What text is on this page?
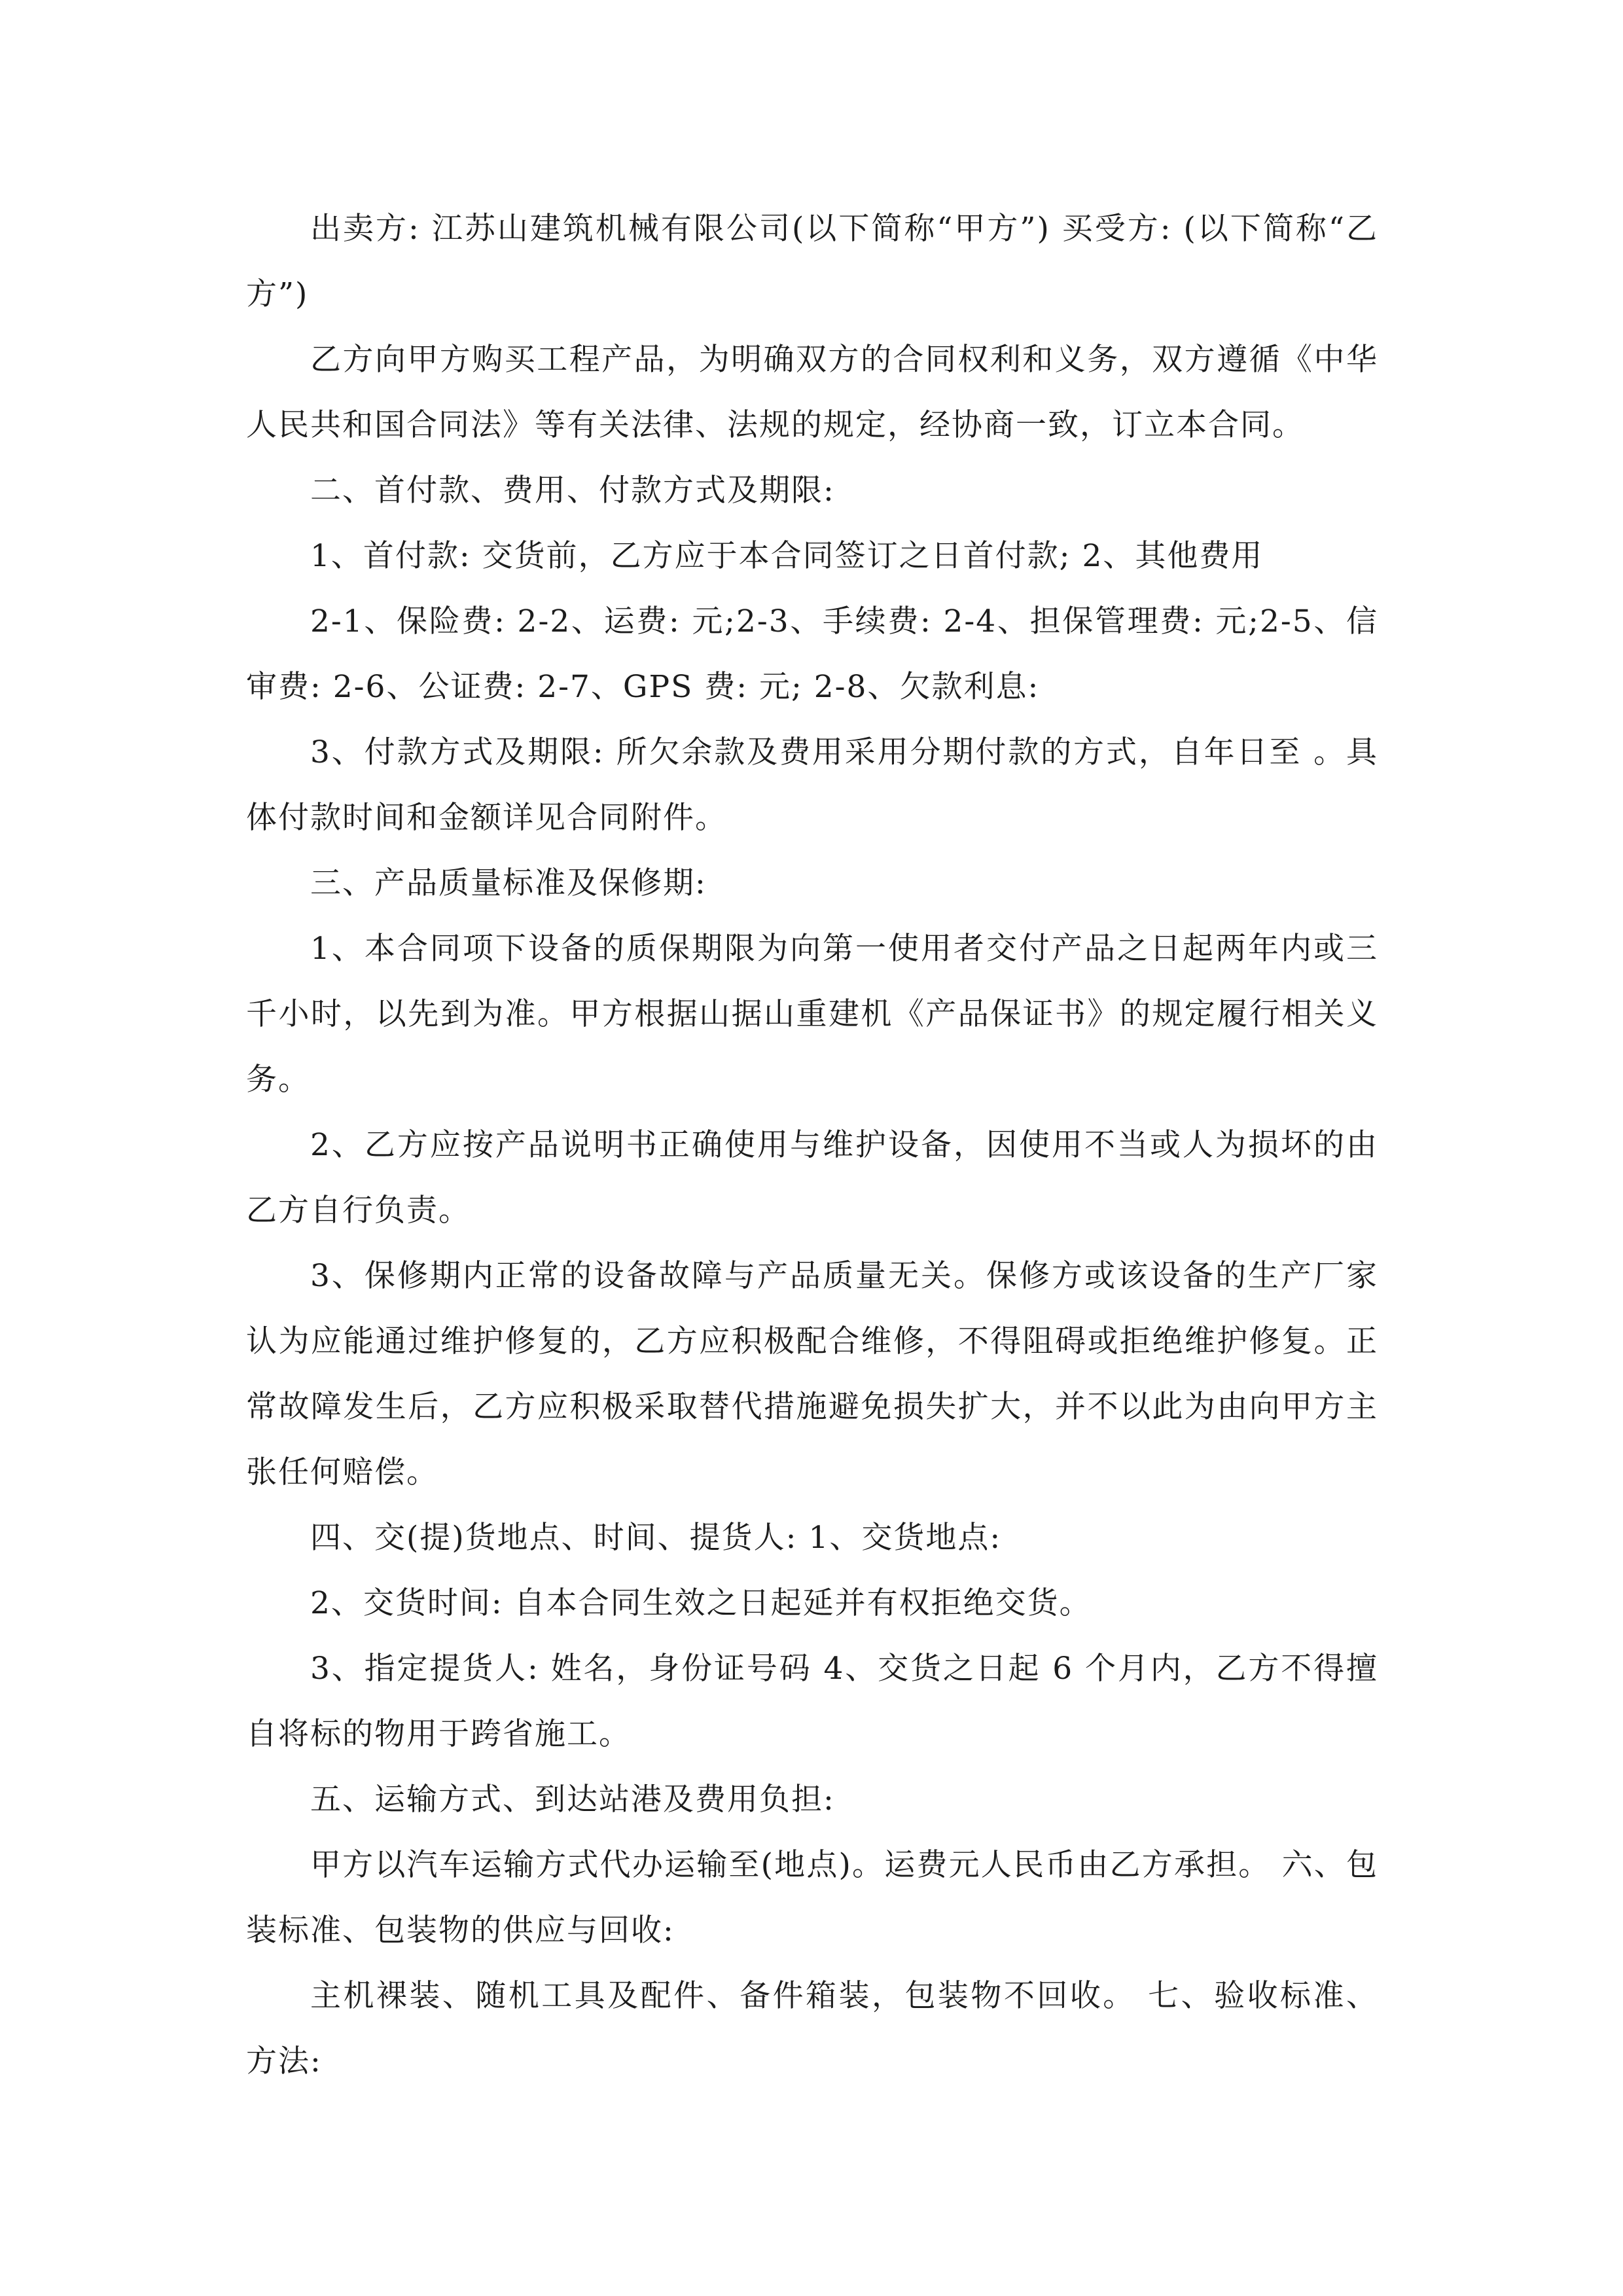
出卖方: 江苏山建筑机械有限公司(以下简称“甲方”) 买受方: (以下简称“乙方”)

乙方向甲方购买工程产品，为明确双方的合同权利和义务，双方遵循《中华人民共和国合同法》等有关法律、法规的规定，经协商一致，订立本合同。

二、首付款、费用、付款方式及期限:

1、首付款: 交货前，乙方应于本合同签订之日首付款; 2、其他费用

2-1、保险费: 2-2、运费: 元;2-3、手续费: 2-4、担保管理费: 元;2-5、信审费: 2-6、公证费: 2-7、GPS 费: 元; 2-8、欠款利息:

3、付款方式及期限: 所欠余款及费用采用分期付款的方式，自年日至 。具体付款时间和金额详见合同附件。

三、产品质量标准及保修期:

1、本合同项下设备的质保期限为向第一使用者交付产品之日起两年内或三千小时，以先到为准。甲方根据山据山重建机《产品保证书》的规定履行相关义务。

2、乙方应按产品说明书正确使用与维护设备，因使用不当或人为损坏的由乙方自行负责。

3、保修期内正常的设备故障与产品质量无关。保修方或该设备的生产厂家认为应能通过维护修复的，乙方应积极配合维修，不得阻碍或拒绝维护修复。正常故障发生后，乙方应积极采取替代措施避免损失扩大，并不以此为由向甲方主张任何赔偿。

四、交(提)货地点、时间、提货人: 1、交货地点:

2、交货时间: 自本合同生效之日起延并有权拒绝交货。

3、指定提货人: 姓名，身份证号码 4、交货之日起 6 个月内，乙方不得擅自将标的物用于跨省施工。

五、运输方式、到达站港及费用负担:

甲方以汽车运输方式代办运输至(地点)。运费元人民币由乙方承担。 六、包装标准、包装物的供应与回收:

主机裸装、随机工具及配件、备件箱装，包装物不回收。 七、验收标准、方法:
